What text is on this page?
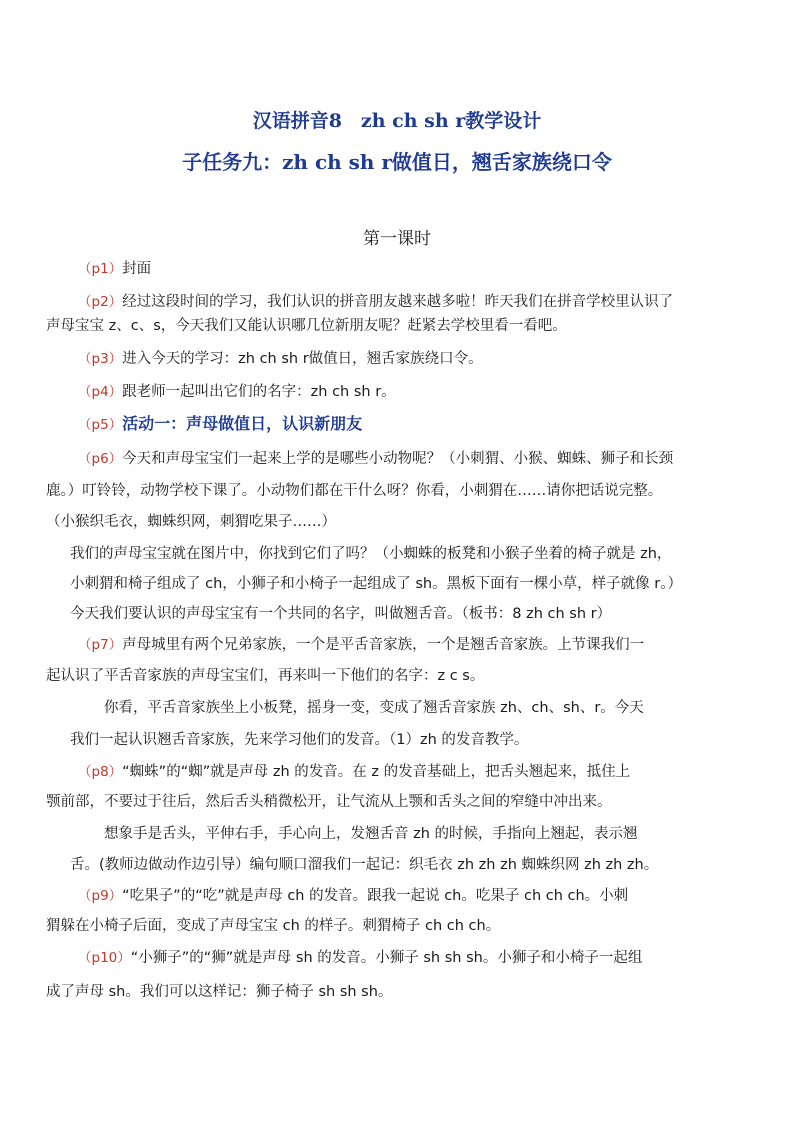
汉语拼音8　zh ch sh r教学设计
子任务九：zh ch sh r做值日，翘舌家族绕口令
第一课时
（p1）封面
（p2）经过这段时间的学习，我们认识的拼音朋友越来越多啦！昨天我们在拼音学校里认识了
声母宝宝 z、c、s，今天我们又能认识哪几位新朋友呢？赶紧去学校里看一看吧。
（p3）进入今天的学习：zh ch sh r做值日，翘舌家族绕口令。
（p4）跟老师一起叫出它们的名字：zh ch sh r。
（p5）活动一：声母做值日，认识新朋友
（p6）今天和声母宝宝们一起来上学的是哪些小动物呢？（小刺猬、小猴、蜘蛛、狮子和长颈
鹿。）叮铃铃，动物学校下课了。小动物们都在干什么呀？你看，小刺猬在……请你把话说完整。
（小猴织毛衣，蜘蛛织网，刺猬吃果子……）
我们的声母宝宝就在图片中，你找到它们了吗？（小蜘蛛的板凳和小猴子坐着的椅子就是 zh，
小刺猬和椅子组成了 ch，小狮子和小椅子一起组成了 sh。黑板下面有一棵小草，样子就像 r。）
今天我们要认识的声母宝宝有一个共同的名字，叫做翘舌音。（板书：8 zh ch sh r）
（p7）声母城里有两个兄弟家族，一个是平舌音家族，一个是翘舌音家族。上节课我们一
起认识了平舌音家族的声母宝宝们，再来叫一下他们的名字：z c s。
你看，平舌音家族坐上小板凳，摇身一变，变成了翘舌音家族 zh、ch、sh、r。今天
我们一起认识翘舌音家族，先来学习他们的发音。（1）zh 的发音教学。
（p8）“蜘蛛”的“蜘”就是声母 zh 的发音。在 z 的发音基础上，把舌头翘起来，抵住上
颚前部，不要过于往后，然后舌头稍微松开，让气流从上颚和舌头之间的窄缝中冲出来。
想象手是舌头，平伸右手，手心向上，发翘舌音 zh 的时候，手指向上翘起，表示翘
舌。(教师边做动作边引导）编句顺口溜我们一起记：织毛衣 zh zh zh 蜘蛛织网 zh zh zh。
（p9）“吃果子”的“吃”就是声母 ch 的发音。跟我一起说 ch。吃果子 ch ch ch。小刺
猬躲在小椅子后面，变成了声母宝宝 ch 的样子。刺猬椅子 ch ch ch。
（p10）“小狮子”的“狮”就是声母 sh 的发音。小狮子 sh sh sh。小狮子和小椅子一起组
成了声母 sh。我们可以这样记：狮子椅子 sh sh sh。
